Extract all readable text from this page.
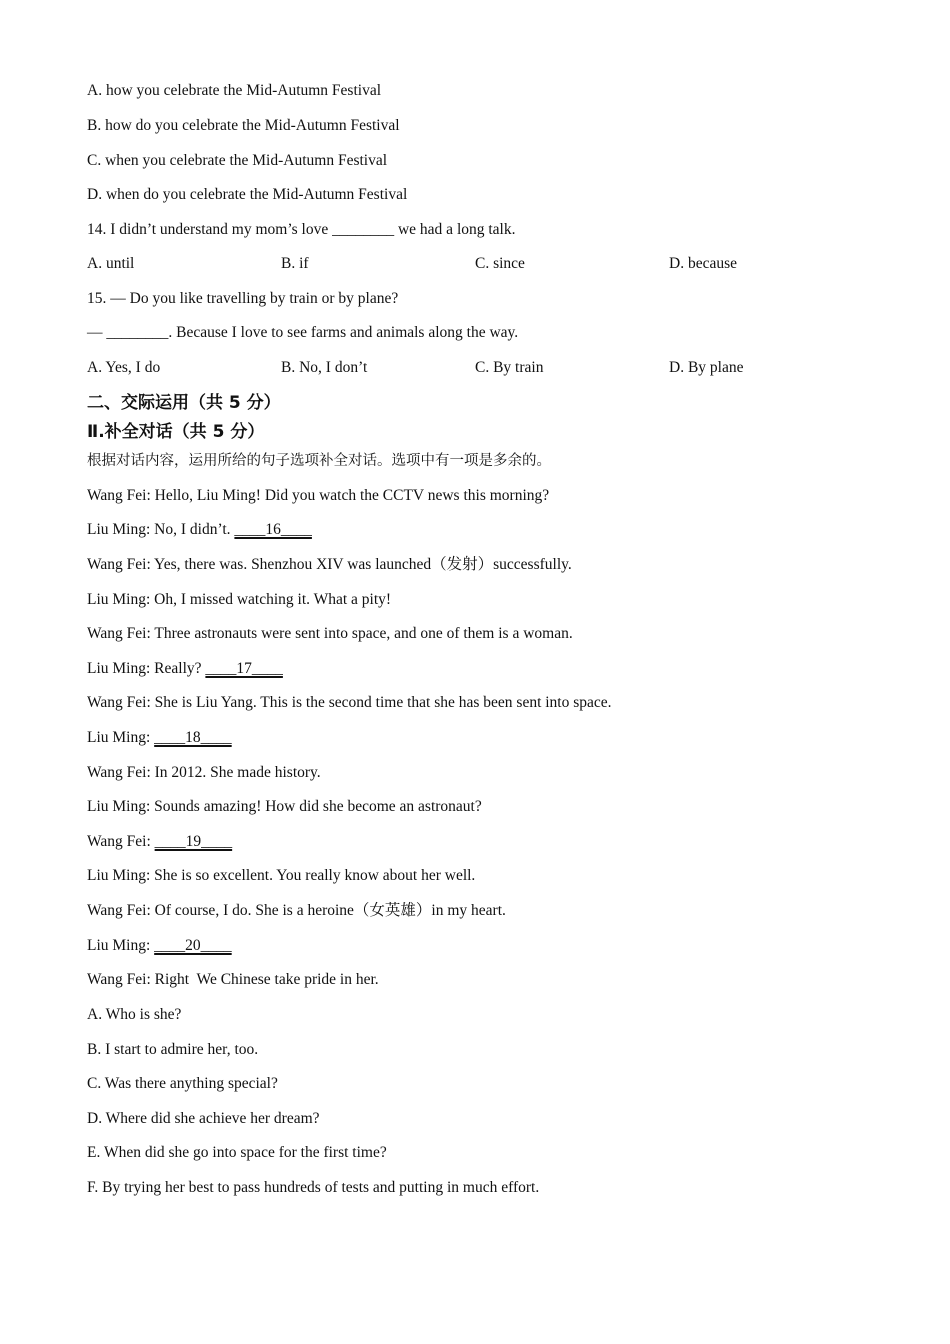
A. how you celebrate the Mid-Autumn Festival
B. how do you celebrate the Mid-Autumn Festival
C. when you celebrate the Mid-Autumn Festival
D. when do you celebrate the Mid-Autumn Festival
14. I didn’t understand my mom’s love ________ we had a long talk.
A. until	B. if	C. since	D. because
15. — Do you like travelling by train or by plane?
— ________. Because I love to see farms and animals along the way.
A. Yes, I do	B. No, I don’t	C. By train	D. By plane
二、交际运用（共 5 分）
Ⅱ.补全对话（共 5 分）
根据对话内容，运用所给的句子选项补全对话。选项中有一项是多余的。
Wang Fei: Hello, Liu Ming! Did you watch the CCTV news this morning?
Liu Ming: No, I didn’t. ____16____
Wang Fei: Yes, there was. Shenzhou XIV was launched（发射）successfully.
Liu Ming: Oh, I missed watching it. What a pity!
Wang Fei: Three astronauts were sent into space, and one of them is a woman.
Liu Ming: Really? ____17____
Wang Fei: She is Liu Yang. This is the second time that she has been sent into space.
Liu Ming: ____18____
Wang Fei: In 2012. She made history.
Liu Ming: Sounds amazing! How did she become an astronaut?
Wang Fei: ____19____
Liu Ming: She is so excellent. You really know about her well.
Wang Fei: Of course, I do. She is a heroine（女英雄）in my heart.
Liu Ming: ____20____
Wang Fei: Right  We Chinese take pride in her.
A. Who is she?
B. I start to admire her, too.
C. Was there anything special?
D. Where did she achieve her dream?
E. When did she go into space for the first time?
F. By trying her best to pass hundreds of tests and putting in much effort.
